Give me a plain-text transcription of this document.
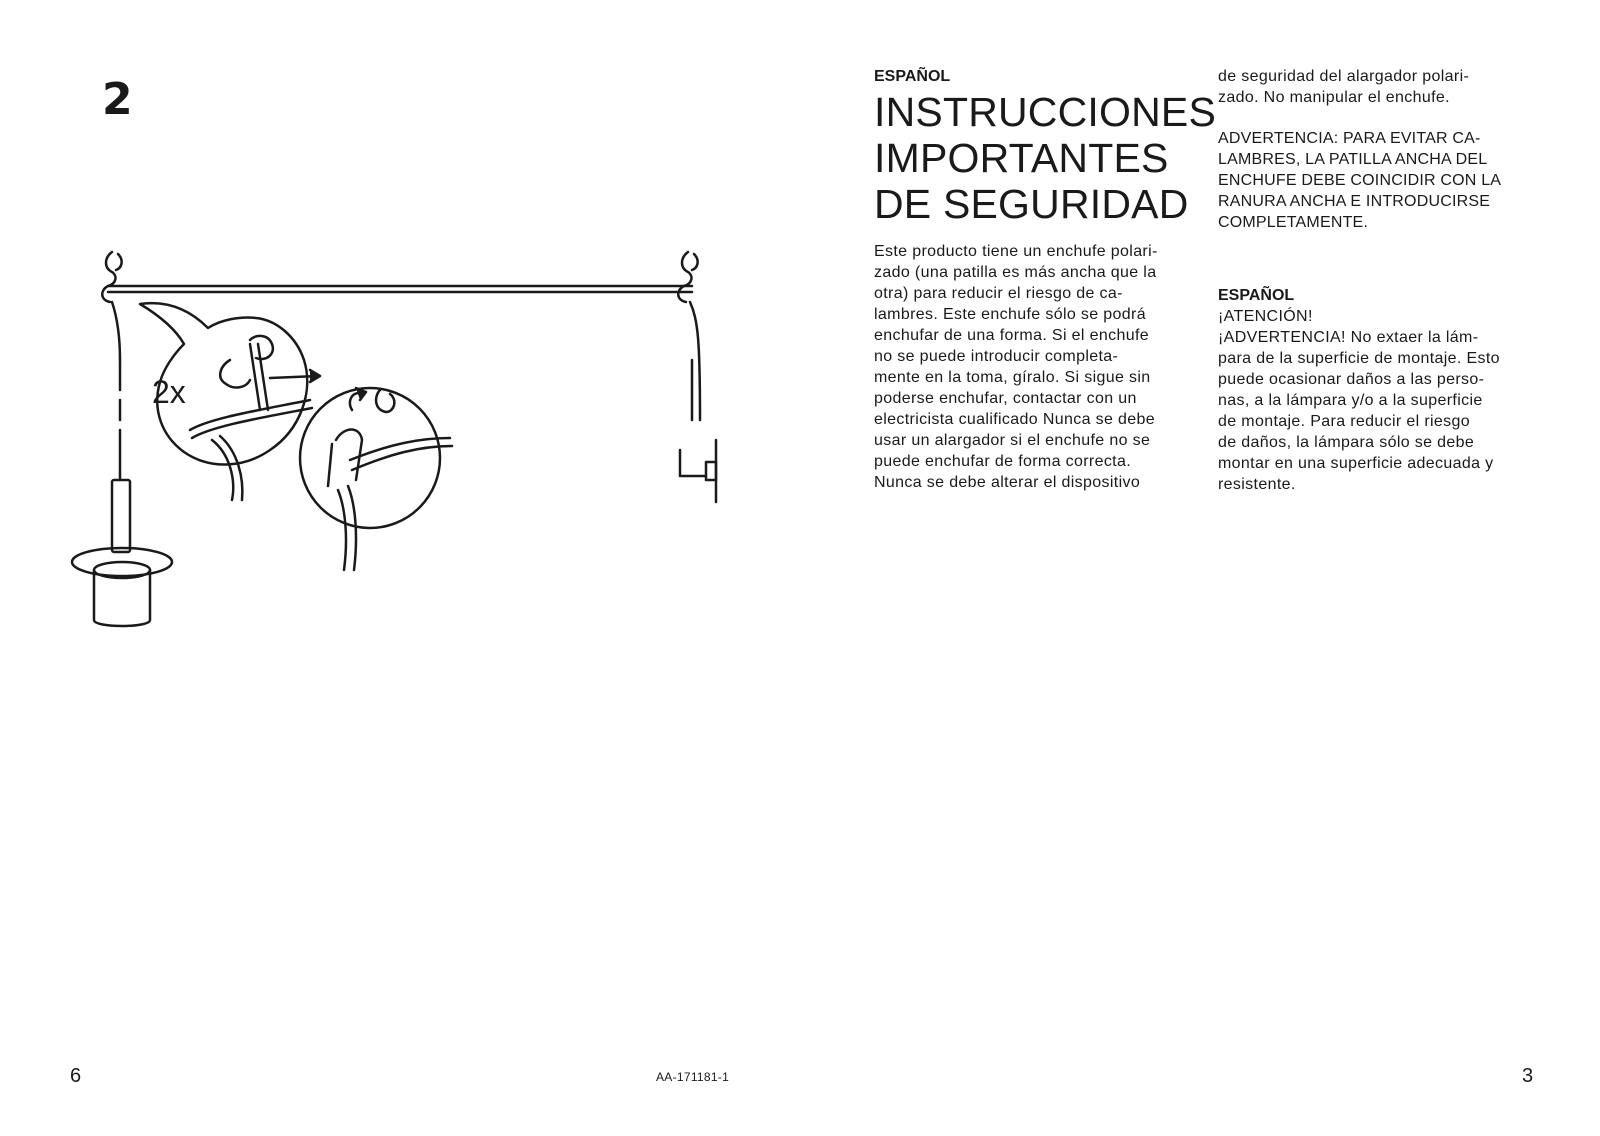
2
2x

ESPAÑOL

INSTRUCCIONES
IMPORTANTES
DE SEGURIDAD

Este producto tiene un enchufe polari-
zado (una patilla es más ancha que la
otra) para reducir el riesgo de ca-
lambres. Este enchufe sólo se podrá
enchufar de una forma. Si el enchufe
no se puede introducir completa-
mente en la toma, gíralo. Si sigue sin
poderse enchufar, contactar con un
electricista cualificado Nunca se debe
usar un alargador si el enchufe no se
puede enchufar de forma correcta.
Nunca se debe alterar el dispositivo

de seguridad del alargador polari-
zado. No manipular el enchufe.

ADVERTENCIA: PARA EVITAR CA-
LAMBRES, LA PATILLA ANCHA DEL
ENCHUFE DEBE COINCIDIR CON LA
RANURA ANCHA E INTRODUCIRSE
COMPLETAMENTE.

ESPAÑOL

¡ATENCIÓN!

¡ADVERTENCIA! No extaer la lám-
para de la superficie de montaje. Esto
puede ocasionar daños a las perso-
nas, a la lámpara y/o a la superficie
de montaje. Para reducir el riesgo
de daños, la lámpara sólo se debe
montar en una superficie adecuada y
resistente.

6	AA-171181-1	3
